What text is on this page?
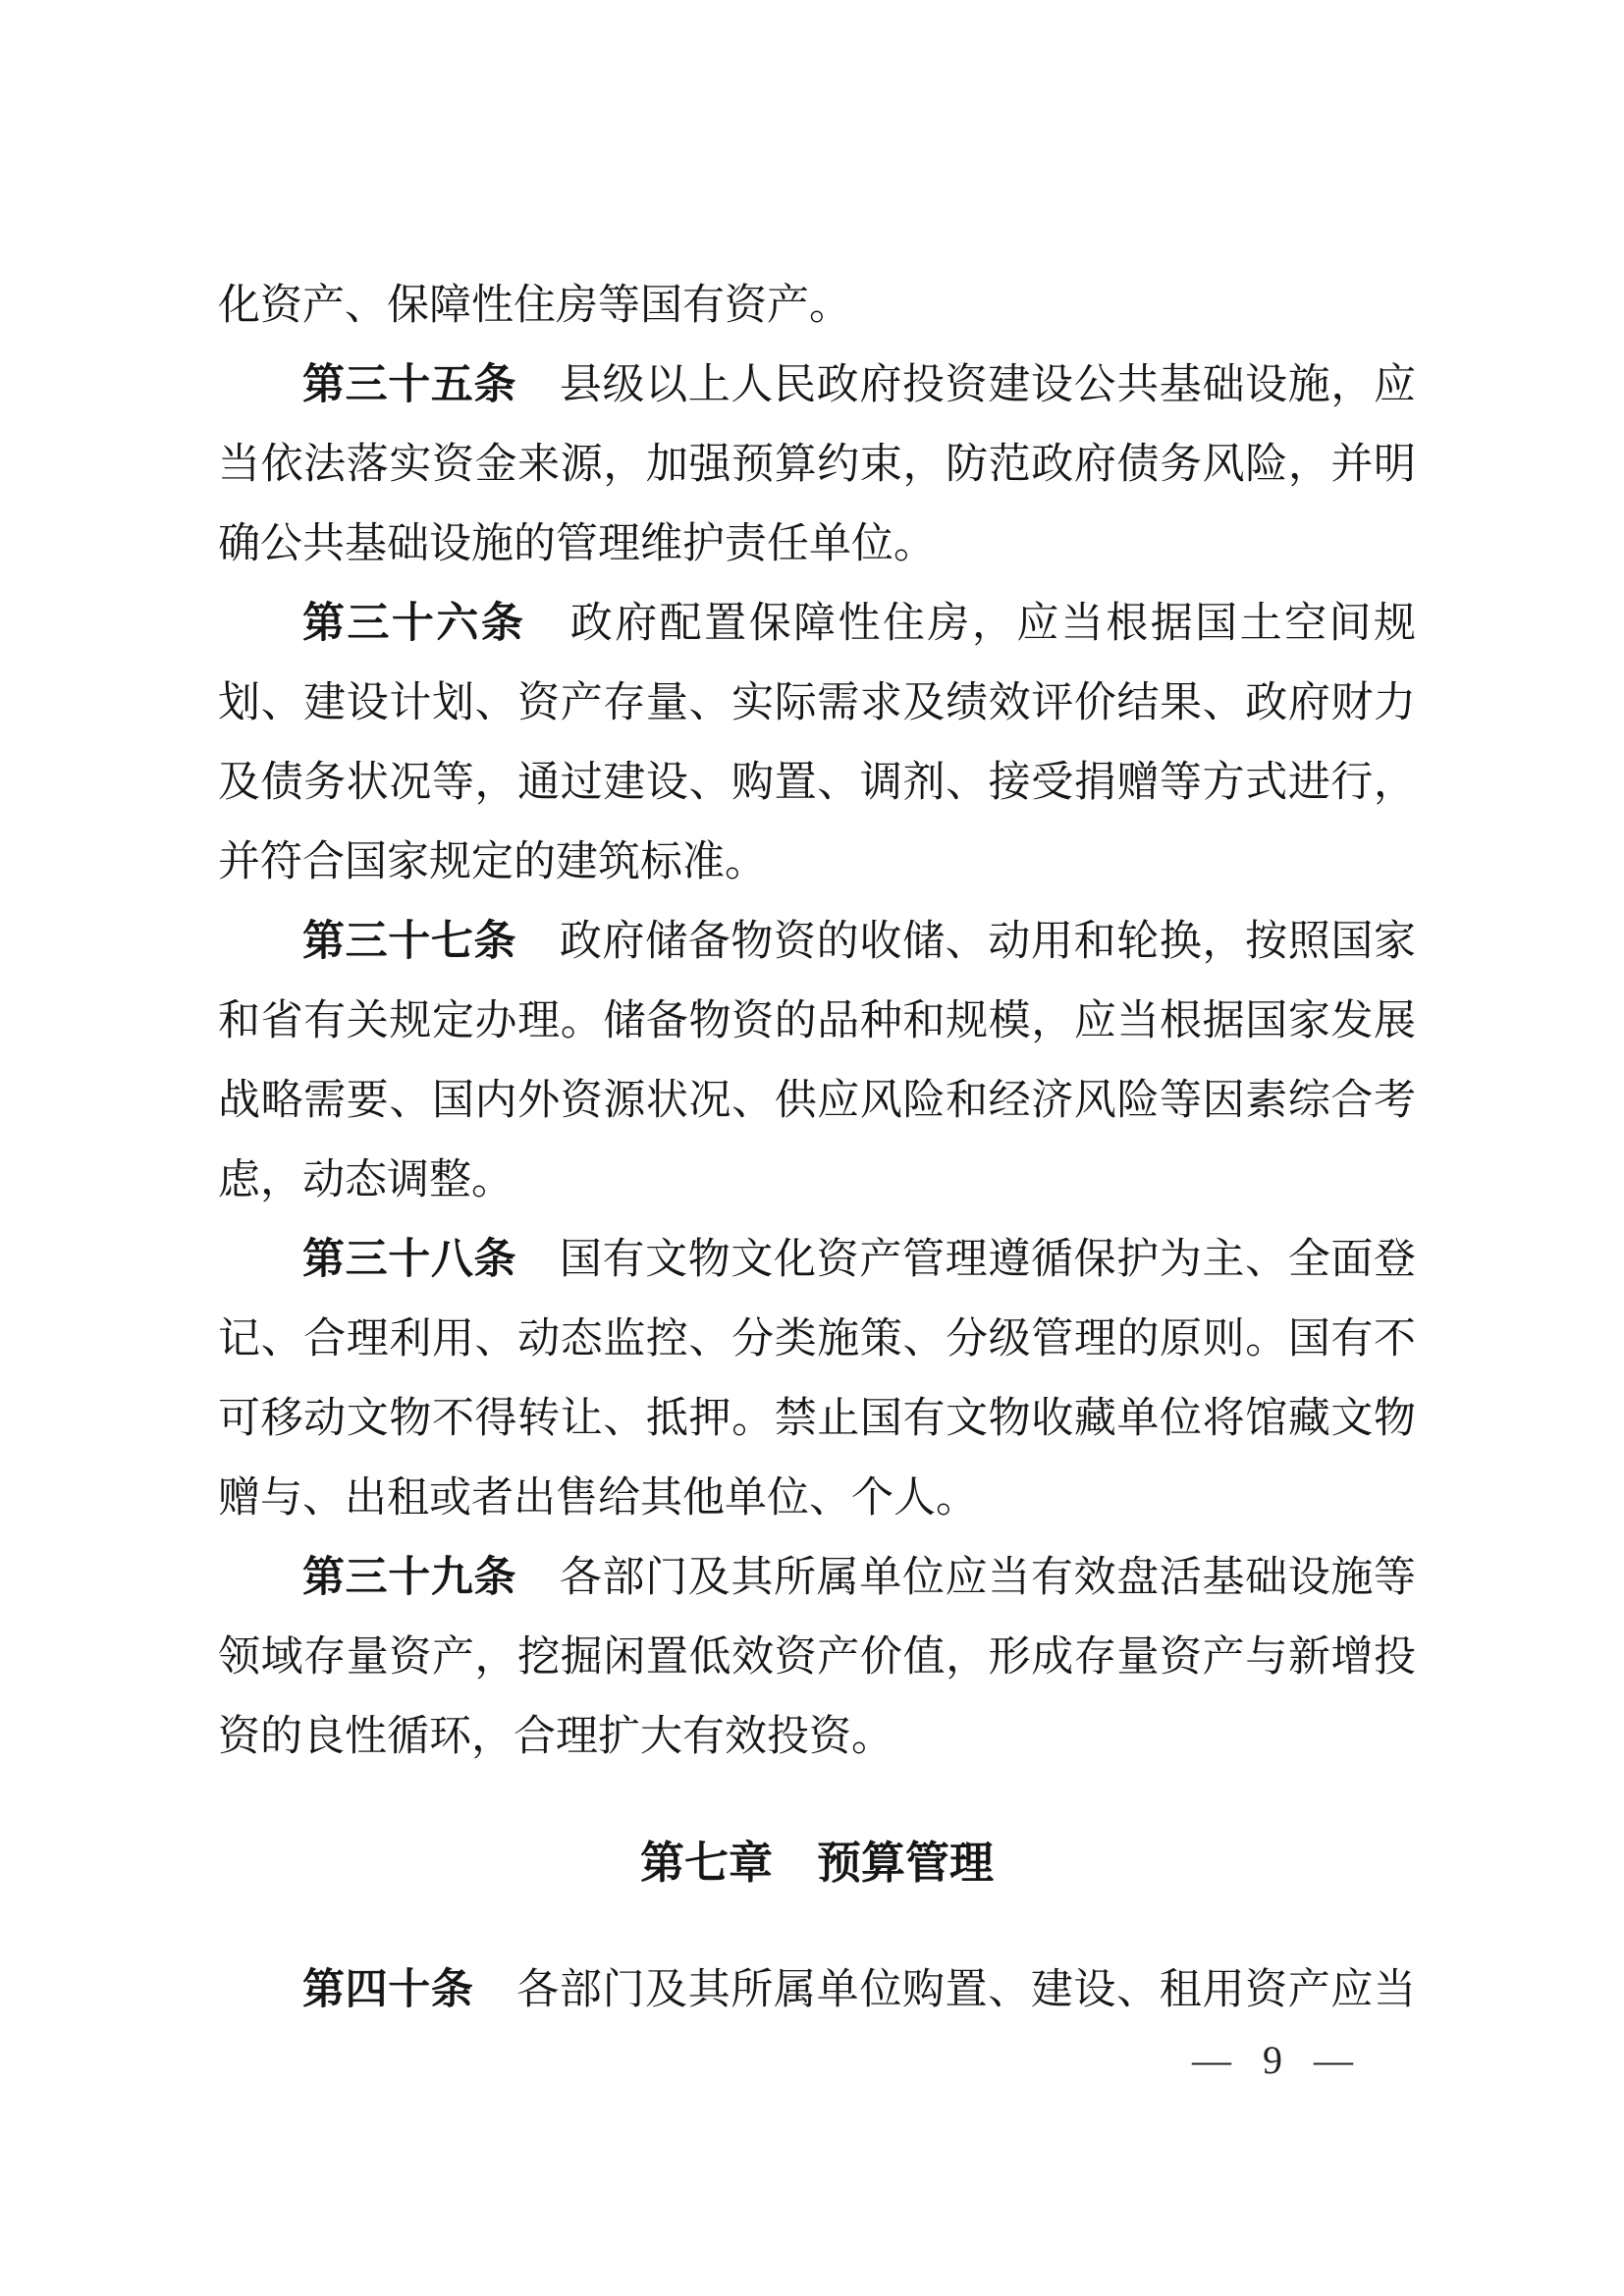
化资产、保障性住房等国有资产。
第三十五条　县级以上人民政府投资建设公共基础设施，应
当依法落实资金来源，加强预算约束，防范政府债务风险，并明
确公共基础设施的管理维护责任单位。
第三十六条　政府配置保障性住房，应当根据国土空间规
划、建设计划、资产存量、实际需求及绩效评价结果、政府财力
及债务状况等，通过建设、购置、调剂、接受捐赠等方式进行，
并符合国家规定的建筑标准。
第三十七条　政府储备物资的收储、动用和轮换，按照国家
和省有关规定办理。储备物资的品种和规模，应当根据国家发展
战略需要、国内外资源状况、供应风险和经济风险等因素综合考
虑，动态调整。
第三十八条　国有文物文化资产管理遵循保护为主、全面登
记、合理利用、动态监控、分类施策、分级管理的原则。国有不
可移动文物不得转让、抵押。禁止国有文物收藏单位将馆藏文物
赠与、出租或者出售给其他单位、个人。
第三十九条　各部门及其所属单位应当有效盘活基础设施等
领域存量资产，挖掘闲置低效资产价值，形成存量资产与新增投
资的良性循环，合理扩大有效投资。
第七章　预算管理
第四十条　各部门及其所属单位购置、建设、租用资产应当
— 9 —
